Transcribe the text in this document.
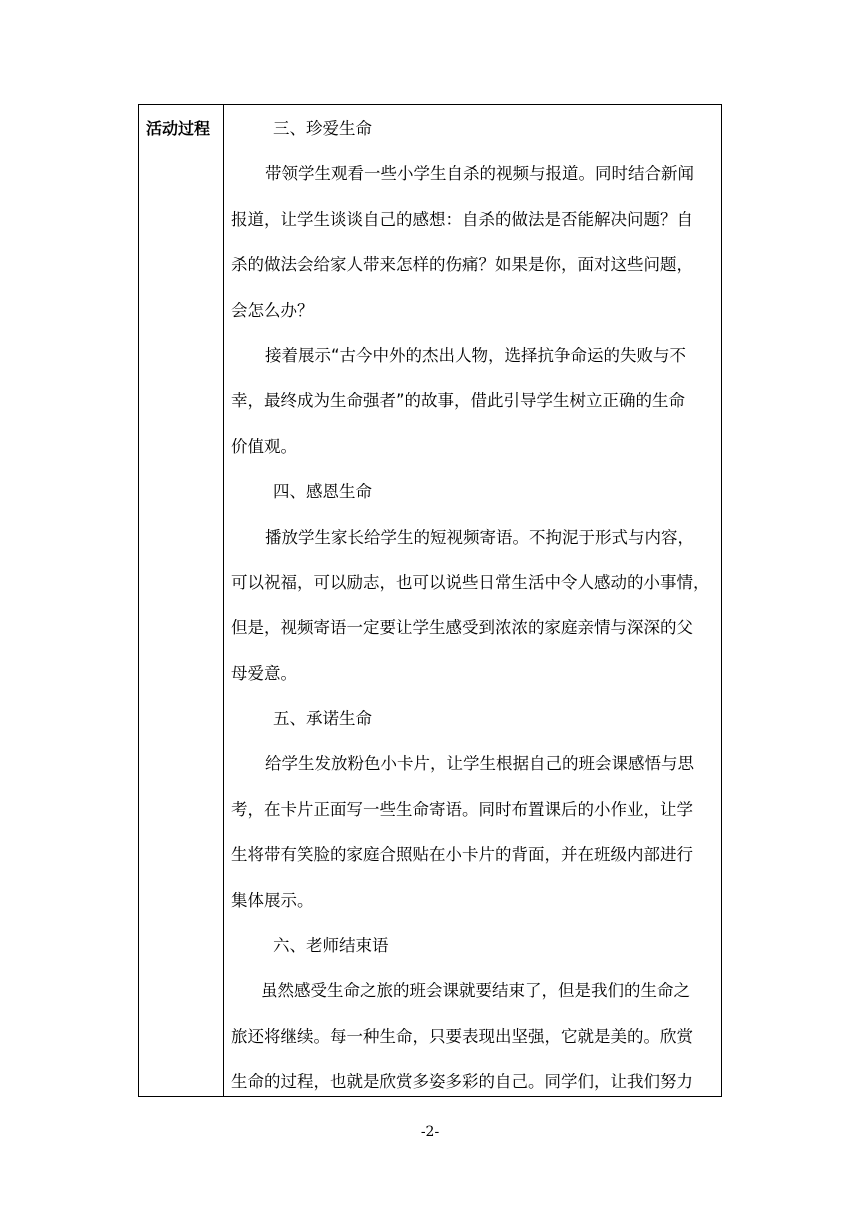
活动过程	三、珍爱生命
带领学生观看一些小学生自杀的视频与报道。同时结合新闻
报道，让学生谈谈自己的感想：自杀的做法是否能解决问题？自
杀的做法会给家人带来怎样的伤痛？如果是你，面对这些问题，
会怎么办？
接着展示“古今中外的杰出人物，选择抗争命运的失败与不
幸，最终成为生命强者”的故事，借此引导学生树立正确的生命
价值观。
四、感恩生命
播放学生家长给学生的短视频寄语。不拘泥于形式与内容，
可以祝福，可以励志，也可以说些日常生活中令人感动的小事情，
但是，视频寄语一定要让学生感受到浓浓的家庭亲情与深深的父
母爱意。
五、承诺生命
给学生发放粉色小卡片，让学生根据自己的班会课感悟与思
考，在卡片正面写一些生命寄语。同时布置课后的小作业，让学
生将带有笑脸的家庭合照贴在小卡片的背面，并在班级内部进行
集体展示。
六、老师结束语
虽然感受生命之旅的班会课就要结束了，但是我们的生命之
旅还将继续。每一种生命，只要表现出坚强，它就是美的。欣赏
生命的过程，也就是欣赏多姿多彩的自己。同学们，让我们努力
-2-
